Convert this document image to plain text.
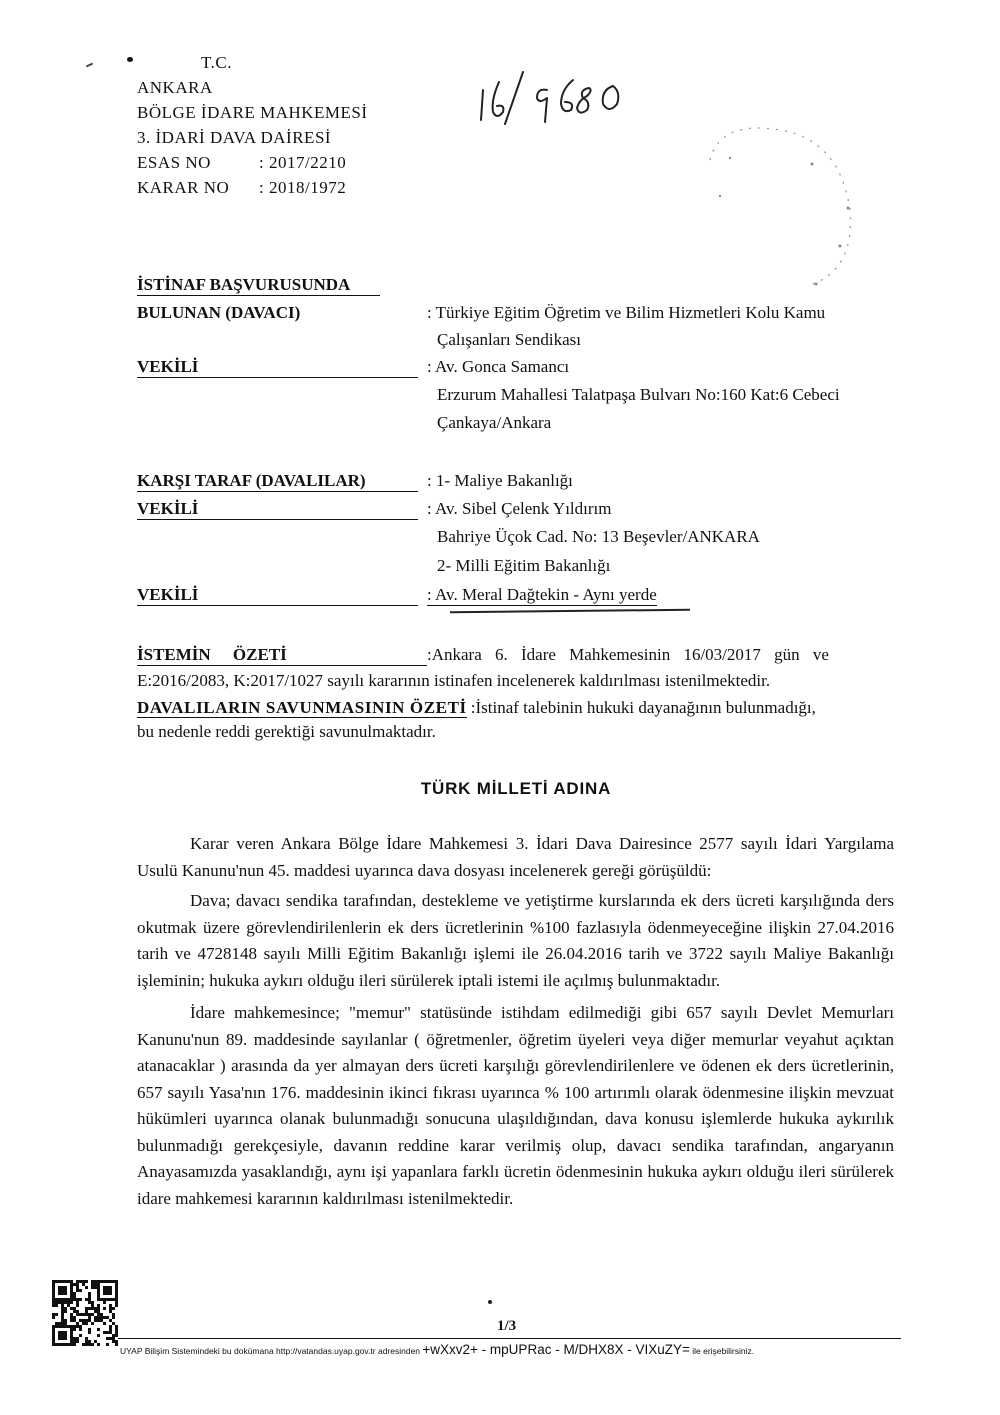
T.C.
ANKARA
BÖLGE İDARE MAHKEMESİ
3. İDARİ DAVA DAİRESİ
ESAS NO	: 2017/2210
KARAR NO : 2018/1972
İSTİNAF BAŞVURUSUNDA
BULUNAN (DAVACI)	: Türkiye Eğitim Öğretim ve Bilim Hizmetleri Kolu Kamu
Çalışanları Sendikası
VEKİLİ	: Av. Gonca Samancı
Erzurum Mahallesi Talatpaşa Bulvarı No:160 Kat:6 Cebeci
Çankaya/Ankara
KARŞI TARAF (DAVALILAR)	: 1- Maliye Bakanlığı
VEKİLİ	: Av. Sibel Çelenk Yıldırım
Bahriye Üçok Cad. No: 13 Beşevler/ANKARA
2- Milli Eğitim Bakanlığı
VEKİLİ	: Av. Meral Dağtekin - Aynı yerde
İSTEMİN ÖZETİ	:Ankara 6. İdare Mahkemesinin 16/03/2017 gün ve
E:2016/2083, K:2017/1027 sayılı kararının istinafen incelenerek kaldırılması istenilmektedir.
DAVALILARIN SAVUNMASININ ÖZETİ :İstinaf talebinin hukuki dayanağının bulunmadığı,
bu nedenle reddi gerektiği savunulmaktadır.
TÜRK MİLLETİ ADINA

Karar veren Ankara Bölge İdare Mahkemesi 3. İdari Dava Dairesince 2577 sayılı İdari Yargılama Usulü Kanunu'nun 45. maddesi uyarınca dava dosyası incelenerek gereği görüşüldü:

Dava; davacı sendika tarafından, destekleme ve yetiştirme kurslarında ek ders ücreti karşılığında ders okutmak üzere görevlendirilenlerin ek ders ücretlerinin %100 fazlasıyla ödenmeyeceğine ilişkin 27.04.2016 tarih ve 4728148 sayılı Milli Eğitim Bakanlığı işlemi ile 26.04.2016 tarih ve 3722 sayılı Maliye Bakanlığı işleminin; hukuka aykırı olduğu ileri sürülerek iptali istemi ile açılmış bulunmaktadır.

İdare mahkemesince; "memur" statüsünde istihdam edilmediği gibi 657 sayılı Devlet Memurları Kanunu'nun 89. maddesinde sayılanlar ( öğretmenler, öğretim üyeleri veya diğer memurlar veyahut açıktan atanacaklar ) arasında da yer almayan ders ücreti karşılığı görevlendirilenlere ve ödenen ek ders ücretlerinin, 657 sayılı Yasa'nın 176. maddesinin ikinci fıkrası uyarınca % 100 artırımlı olarak ödenmesine ilişkin mevzuat hükümleri uyarınca olanak bulunmadığı sonucuna ulaşıldığından, dava konusu işlemlerde hukuka aykırılık bulunmadığı gerekçesiyle, davanın reddine karar verilmiş olup, davacı sendika tarafından, angaryanın Anayasamızda yasaklandığı, aynı işi yapanlara farklı ücretin ödenmesinin hukuka aykırı olduğu ileri sürülerek idare mahkemesi kararının kaldırılması istenilmektedir.

1/3
UYAP Bilişim Sistemindeki bu dokümana http://vatandas.uyap.gov.tr adresinden +wXxv2+ - mpUPRac - M/DHX8X - VIXuZY= ile erişebilirsiniz.
